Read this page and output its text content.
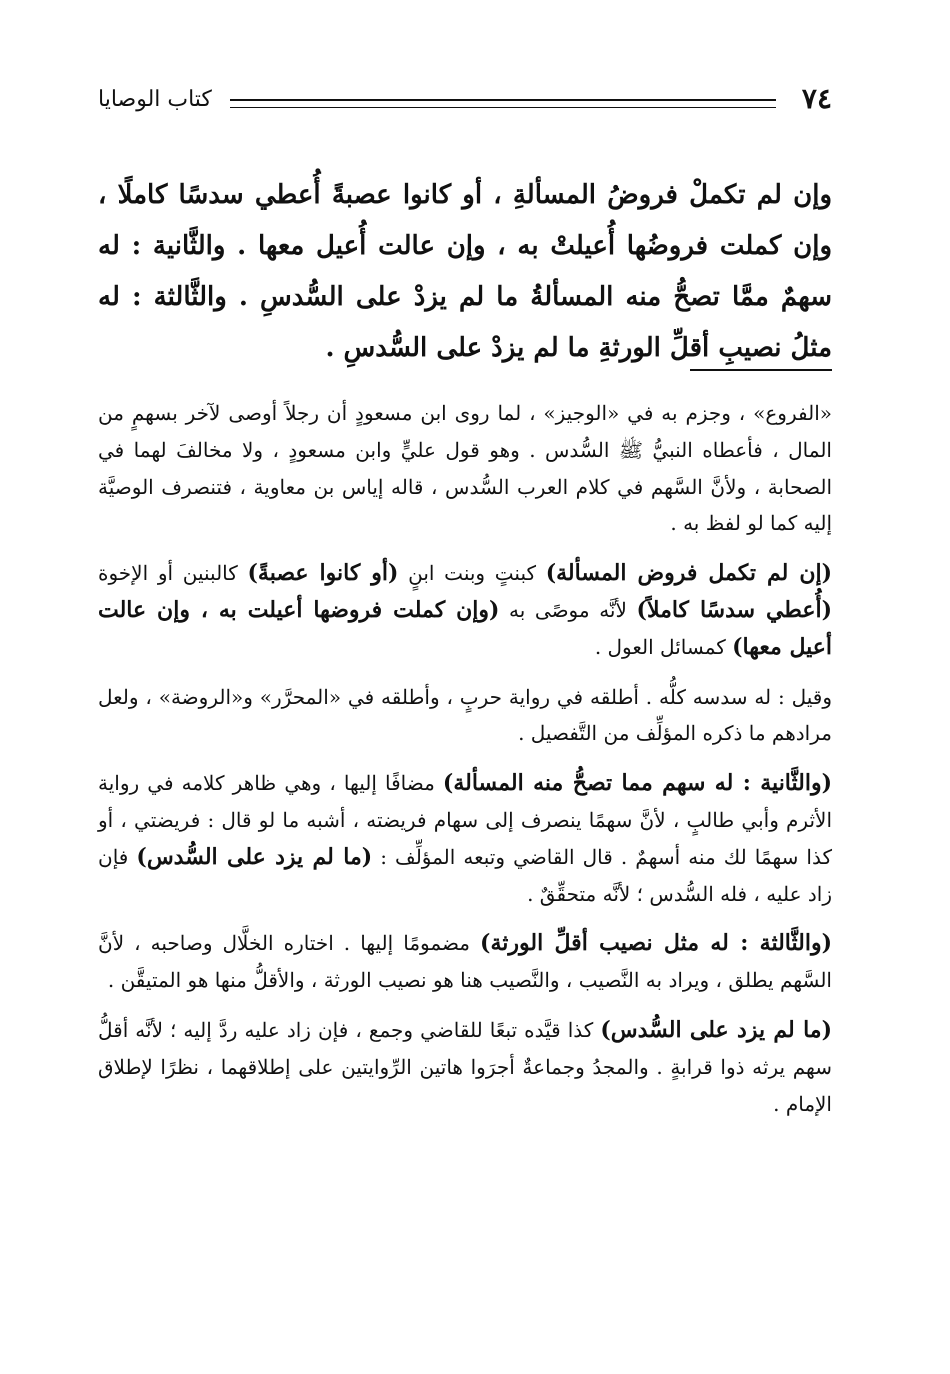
٧٤
كتاب الوصايا
وإن لم تكملْ فروضُ المسألةِ ، أو كانوا عصبةً أُعطي سدسًا كاملًا ، وإن كملت فروضُها أُعيلتْ به ، وإن عالت أُعيل معها . والثَّانية : له سهمٌ ممَّا تصحُّ منه المسألةُ ما لم يزدْ على السُّدسِ . والثَّالثة : له مثلُ نصيبِ أقلِّ الورثةِ ما لم يزدْ على السُّدسِ .

«الفروع» ، وجزم به في «الوجيز» ، لما روى ابن مسعودٍ أن رجلاً أوصى لآخر بسهمٍ من المال ، فأعطاه النبيُّ ﷺ السُّدس . وهو قول عليٍّ وابن مسعودٍ ، ولا مخالفَ لهما في الصحابة ، ولأنَّ السَّهم في كلام العرب السُّدس ، قاله إياس بن معاوية ، فتنصرف الوصيَّة إليه كما لو لفظ به .

(إن لم تكمل فروض المسألة) كبنتٍ وبنت ابنٍ (أو كانوا عصبةً) كالبنين أو الإخوة (أُعطي سدسًا كاملاً) لأنَّه موصًى به (وإن كملت فروضها أعيلت به ، وإن عالت أعيل معها) كمسائل العول .

وقيل : له سدسه كلُّه . أطلقه في رواية حربٍ ، وأطلقه في «المحرَّر» و«الروضة» ، ولعل مرادهم ما ذكره المؤلِّف من التَّفصيل .

(والثَّانية : له سهم مما تصحُّ منه المسألة) مضافًا إليها ، وهي ظاهر كلامه في رواية الأثرم وأبي طالبٍ ، لأنَّ سهمًا ينصرف إلى سهام فريضته ، أشبه ما لو قال : فريضتي ، أو كذا سهمًا لك منه أسهمٌ . قال القاضي وتبعه المؤلِّف : (ما لم يزد على السُّدس) فإن زاد عليه ، فله السُّدس ؛ لأنَّه متحقِّقٌ .

(والثَّالثة : له مثل نصيب أقلِّ الورثة) مضمومًا إليها . اختاره الخلَّال وصاحبه ، لأنَّ السَّهم يطلق ، ويراد به النَّصيب ، والنَّصيب هنا هو نصيب الورثة ، والأقلُّ منها هو المتيقَّن .

(ما لم يزد على السُّدس) كذا قيَّده تبعًا للقاضي وجمع ، فإن زاد عليه ردَّ إليه ؛ لأنَّه أقلُّ سهم يرثه ذوا قرابةٍ . والمجدُ وجماعةٌ أجرَوا هاتين الرِّوايتين على إطلاقهما ، نظرًا لإطلاق الإمام .
